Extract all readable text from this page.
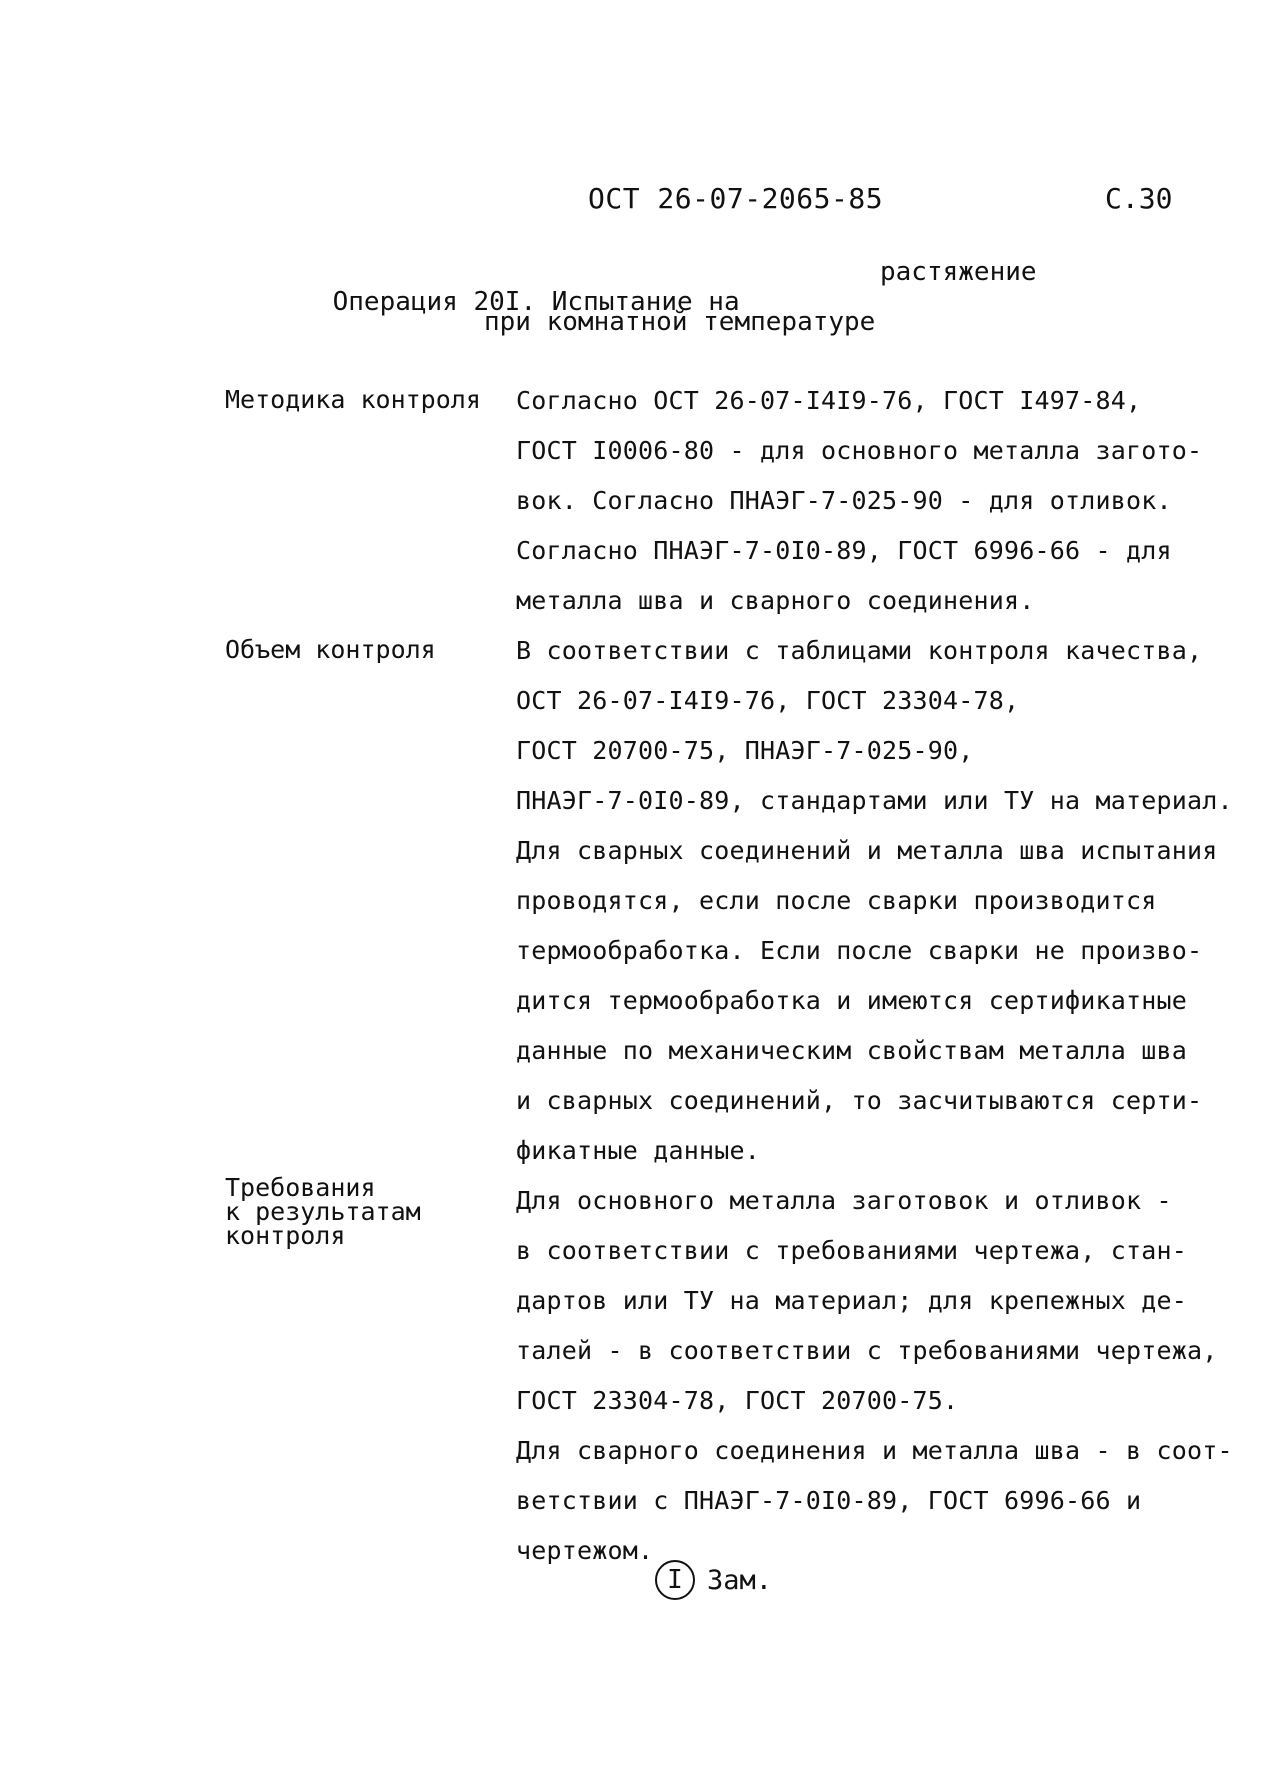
ОСТ 26-07-2065-85	С.30

Операция 20I. Испытание на

растяжение

при комнатной температуре
Методика контроля Согласно ОСТ 26-07-I4I9-76, ГОСТ I497-84,
ГОСТ I0006-80 - для основного металла загото-
вок. Согласно ПНАЭГ-7-025-90 - для отливок.
Согласно ПНАЭГ-7-0I0-89, ГОСТ 6996-66 - для
металла шва и сварного соединения.
Объем контроля	В соответствии с таблицами контроля качества,
ОСТ 26-07-I4I9-76, ГОСТ 23304-78,
ГОСТ 20700-75, ПНАЭГ-7-025-90,
ПНАЭГ-7-0I0-89, стандартами или ТУ на материал.
Для сварных соединений и металла шва испытания
проводятся, если после сварки производится
термообработка. Если после сварки не произво-
дится термообработка и имеются сертификатные
данные по механическим свойствам металла шва
и сварных соединений, то засчитываются серти-
фикатные данные.
Требования
к результатам
контроля
Для основного металла заготовок и отливок -
в соответствии с требованиями чертежа, стан-
дартов или ТУ на материал; для крепежных де-
талей - в соответствии с требованиями чертежа,
ГОСТ 23304-78, ГОСТ 20700-75.
Для сварного соединения и металла шва - в соот-
ветствии с ПНАЭГ-7-0I0-89, ГОСТ 6996-66 и
чертежом.
I Зам.
